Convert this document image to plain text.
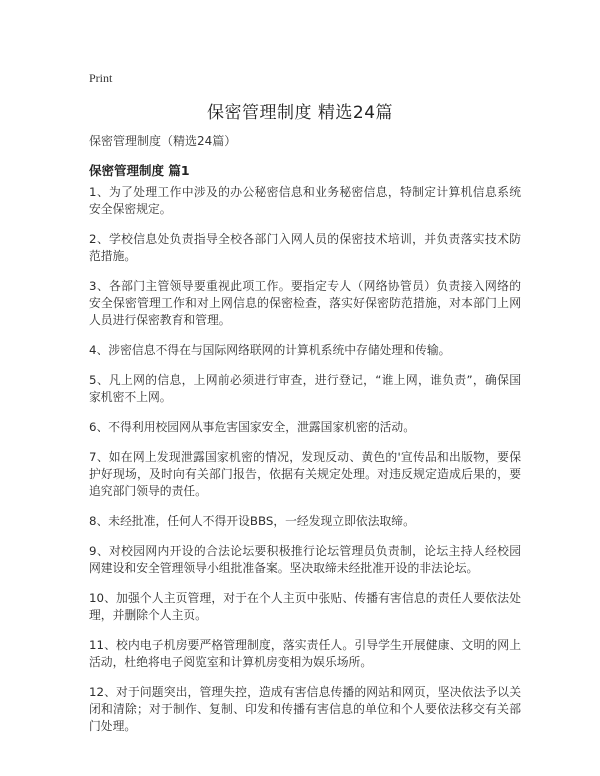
Print
保密管理制度 精选24篇
保密管理制度（精选24篇）
保密管理制度 篇1

1、为了处理工作中涉及的办公秘密信息和业务秘密信息，特制定计算机信息系统安全保密规定。

2、学校信息处负责指导全校各部门入网人员的保密技术培训，并负责落实技术防范措施。

3、各部门主管领导要重视此项工作。要指定专人（网络协管员）负责接入网络的安全保密管理工作和对上网信息的保密检查，落实好保密防范措施，对本部门上网人员进行保密教育和管理。

4、涉密信息不得在与国际网络联网的计算机系统中存储处理和传输。

5、凡上网的信息，上网前必须进行审查，进行登记，“谁上网，谁负责”，确保国家机密不上网。

6、不得利用校园网从事危害国家安全，泄露国家机密的活动。

7、如在网上发现泄露国家机密的情况，发现反动、黄色的'宣传品和出版物，要保护好现场，及时向有关部门报告，依据有关规定处理。对违反规定造成后果的，要追究部门领导的责任。

8、未经批准，任何人不得开设BBS，一经发现立即依法取缔。

9、对校园网内开设的合法论坛要积极推行论坛管理员负责制，论坛主持人经校园网建设和安全管理领导小组批准备案。坚决取缔未经批准开设的非法论坛。

10、加强个人主页管理，对于在个人主页中张贴、传播有害信息的责任人要依法处理，并删除个人主页。

11、校内电子机房要严格管理制度，落实责任人。引导学生开展健康、文明的网上活动，杜绝将电子阅览室和计算机房变相为娱乐场所。

12、对于问题突出，管理失控，造成有害信息传播的网站和网页，坚决依法予以关闭和清除；对于制作、复制、印发和传播有害信息的单位和个人要依法移交有关部门处理。
